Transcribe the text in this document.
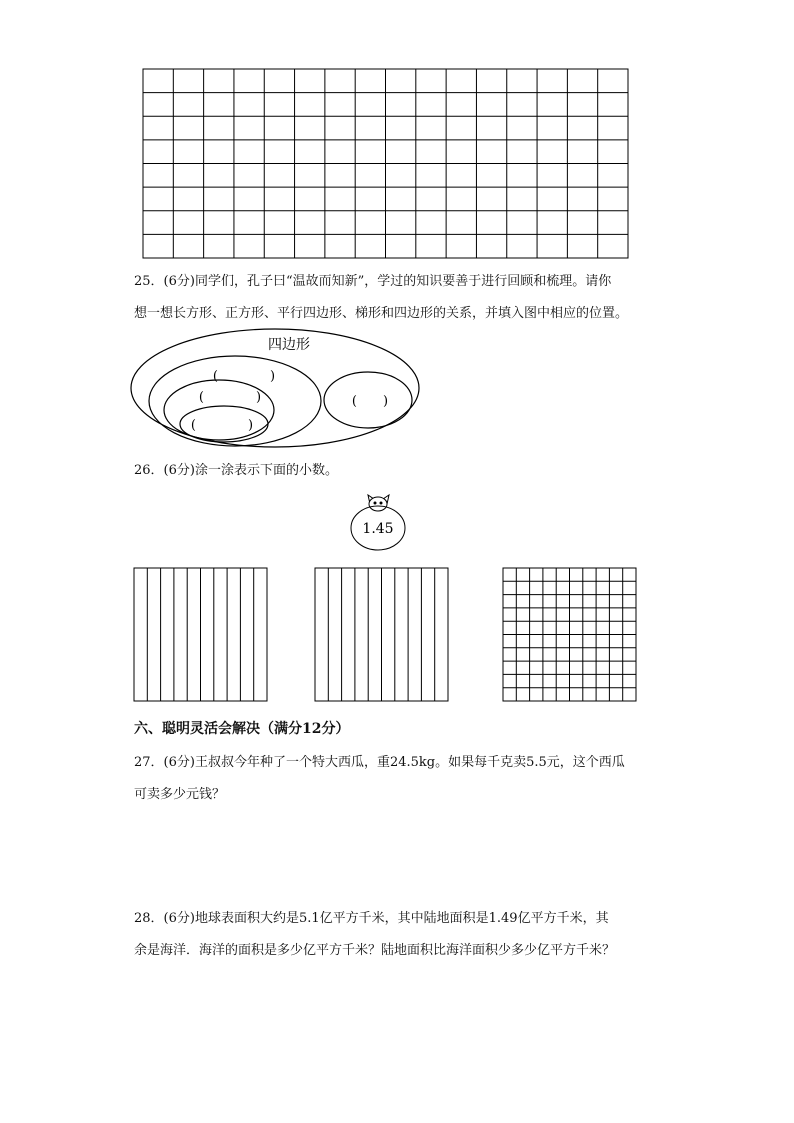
25．(6分)同学们，孔子曰“温故而知新”，学过的知识要善于进行回顾和梳理。请你
想一想长方形、正方形、平行四边形、梯形和四边形的关系，并填入图中相应的位置。
四边形
(　　　　)
(　　　　)
(　　　　)
(　　)
26．(6分)涂一涂表示下面的小数。
1.45
六、聪明灵活会解决（满分12分）
27．(6分)王叔叔今年种了一个特大西瓜，重24.5kg。如果每千克卖5.5元，这个西瓜
可卖多少元钱？
28．(6分)地球表面积大约是5.1亿平方千米，其中陆地面积是1.49亿平方千米，其
余是海洋．海洋的面积是多少亿平方千米？陆地面积比海洋面积少多少亿平方千米？
